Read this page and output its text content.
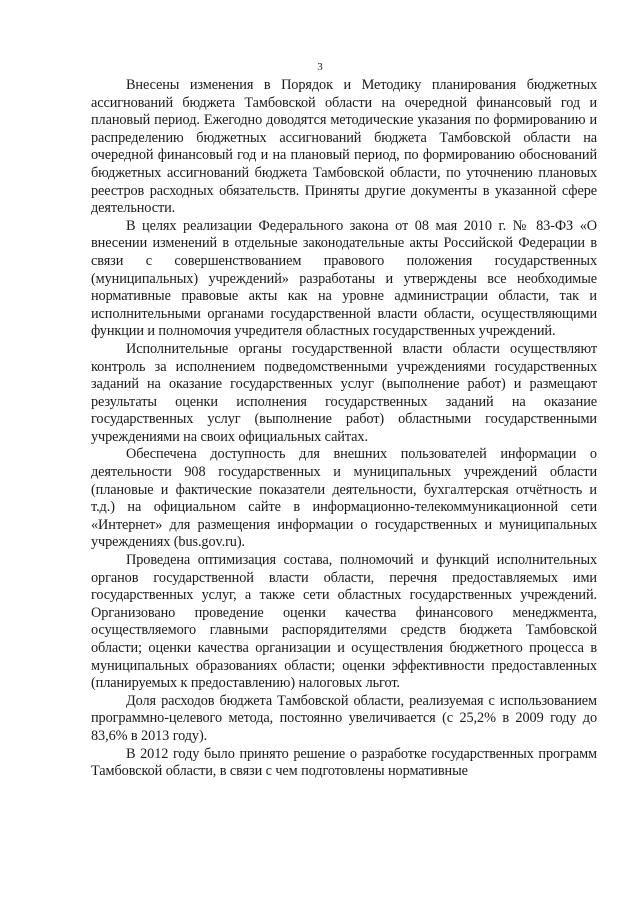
3

Внесены изменения в Порядок и Методику планирования бюджетных ассигнований бюджета Тамбовской области на очередной финансовый год и плановый период. Ежегодно доводятся методические указания по формированию и распределению бюджетных ассигнований бюджета Тамбовской области на очередной финансовый год и на плановый период, по формированию обоснований бюджетных ассигнований бюджета Тамбовской области, по уточнению плановых реестров расходных обязательств. Приняты другие документы в указанной сфере деятельности.

В целях реализации Федерального закона от 08 мая 2010 г. № 83-ФЗ «О внесении изменений в отдельные законодательные акты Российской Федерации в связи с совершенствованием правового положения государственных (муниципальных) учреждений» разработаны и утверждены все необходимые нормативные правовые акты как на уровне администрации области, так и исполнительными органами государственной власти области, осуществляющими функции и полномочия учредителя областных государственных учреждений.

Исполнительные органы государственной власти области осуществляют контроль за исполнением подведомственными учреждениями государственных заданий на оказание государственных услуг (выполнение работ) и размещают результаты оценки исполнения государственных заданий на оказание государственных услуг (выполнение работ) областными государственными учреждениями на своих официальных сайтах.

Обеспечена доступность для внешних пользователей информации о деятельности 908 государственных и муниципальных учреждений области (плановые и фактические показатели деятельности, бухгалтерская отчётность и т.д.) на официальном сайте в информационно-телекоммуникационной сети «Интернет» для размещения информации о государственных и муниципальных учреждениях (bus.gov.ru).

Проведена оптимизация состава, полномочий и функций исполнительных органов государственной власти области, перечня предоставляемых ими государственных услуг, а также сети областных государственных учреждений. Организовано проведение оценки качества финансового менеджмента, осуществляемого главными распорядителями средств бюджета Тамбовской области; оценки качества организации и осуществления бюджетного процесса в муниципальных образованиях области; оценки эффективности предоставленных (планируемых к предоставлению) налоговых льгот.

Доля расходов бюджета Тамбовской области, реализуемая с использованием программно-целевого метода, постоянно увеличивается (с 25,2% в 2009 году до 83,6% в 2013 году).

В 2012 году было принято решение о разработке государственных программ Тамбовской области, в связи с чем подготовлены нормативные
